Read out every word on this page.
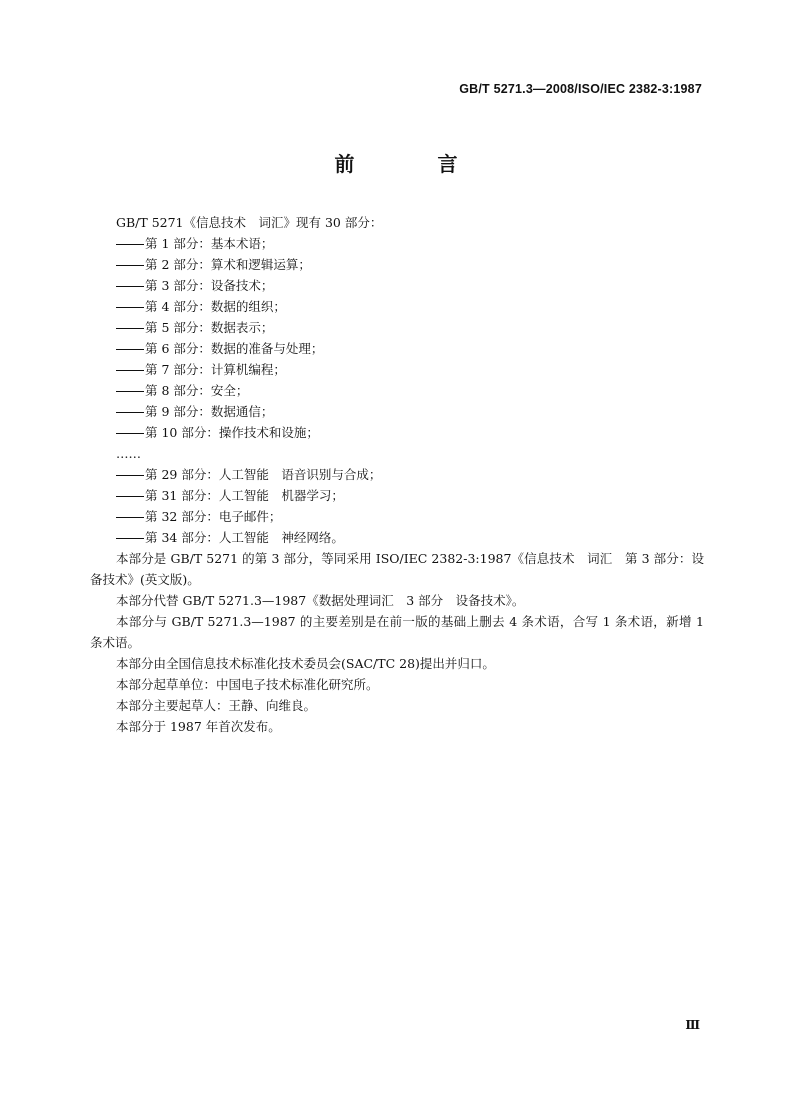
GB/T 5271.3—2008/ISO/IEC 2382-3:1987
前 言

GB/T 5271《信息技术　词汇》现有 30 部分：

第 1 部分：基本术语；
第 2 部分：算术和逻辑运算；
第 3 部分：设备技术；
第 4 部分：数据的组织；
第 5 部分：数据表示；
第 6 部分：数据的准备与处理；
第 7 部分：计算机编程；
第 8 部分：安全；
第 9 部分：数据通信；
第 10 部分：操作技术和设施；
……
第 29 部分：人工智能　语音识别与合成；
第 31 部分：人工智能　机器学习；
第 32 部分：电子邮件；
第 34 部分：人工智能　神经网络。

本部分是 GB/T 5271 的第 3 部分，等同采用 ISO/IEC 2382-3:1987《信息技术　词汇　第 3 部分：设备技术》(英文版)。

本部分代替 GB/T 5271.3—1987《数据处理词汇　3 部分　设备技术》。

本部分与 GB/T 5271.3—1987 的主要差别是在前一版的基础上删去 4 条术语，合写 1 条术语，新增 1 条术语。

本部分由全国信息技术标准化技术委员会(SAC/TC 28)提出并归口。

本部分起草单位：中国电子技术标准化研究所。

本部分主要起草人：王静、向维良。

本部分于 1987 年首次发布。

Ⅲ
